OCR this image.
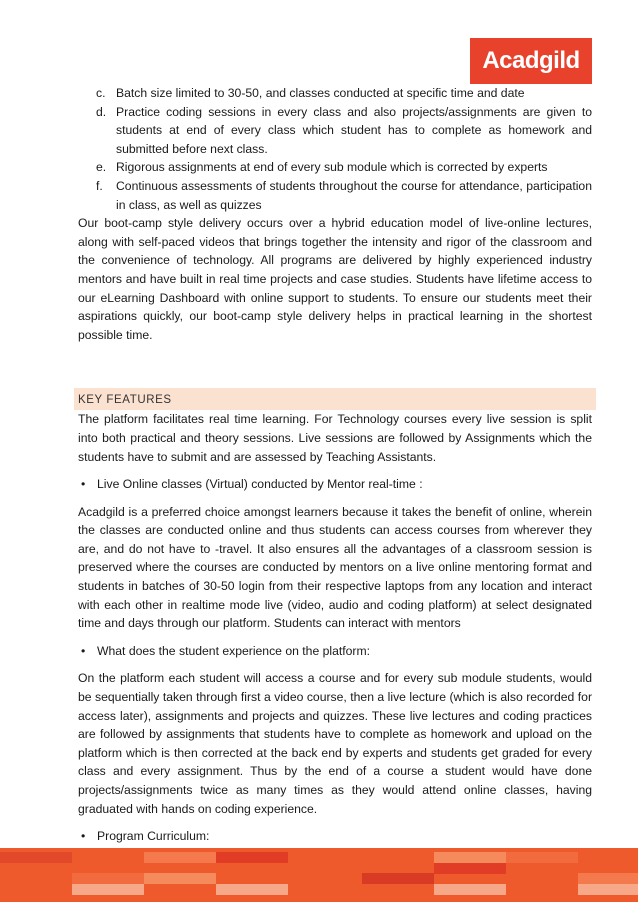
Acadgild
c. Batch size limited to 30-50, and classes conducted at specific time and date
d. Practice coding sessions in every class and also projects/assignments are given to students at end of every class which student has to complete as homework and submitted before next class.
e. Rigorous assignments at end of every sub module which is corrected by experts
f. Continuous assessments of students throughout the course for attendance, participation in class, as well as quizzes

Our boot-camp style delivery occurs over a hybrid education model of live-online lectures, along with self-paced videos that brings together the intensity and rigor of the classroom and the convenience of technology. All programs are delivered by highly experienced industry mentors and have built in real time projects and case studies. Students have lifetime access to our eLearning Dashboard with online support to students. To ensure our students meet their aspirations quickly, our boot-camp style delivery helps in practical learning in the shortest possible time.

KEY FEATURES

The platform facilitates real time learning. For Technology courses every live session is split into both practical and theory sessions. Live sessions are followed by Assignments which the students have to submit and are assessed by Teaching Assistants.

• Live Online classes (Virtual) conducted by Mentor real-time :

Acadgild is a preferred choice amongst learners because it takes the benefit of online, wherein the classes are conducted online and thus students can access courses from wherever they are, and do not have to -travel. It also ensures all the advantages of a classroom session is preserved where the courses are conducted by mentors on a live online mentoring format and students in batches of 30-50 login from their respective laptops from any location and interact with each other in realtime mode live (video, audio and coding platform) at select designated time and days through our platform. Students can interact with mentors

• What does the student experience on the platform:

On the platform each student will access a course and for every sub module students, would be sequentially taken through first a video course, then a live lecture (which is also recorded for access later), assignments and projects and quizzes. These live lectures and coding practices are followed by assignments that students have to complete as homework and upload on the platform which is then corrected at the back end by experts and students get graded for every class and every assignment. Thus by the end of a course a student would have done projects/assignments twice as many times as they would attend online classes, having graduated with hands on coding experience.

• Program Curriculum:
